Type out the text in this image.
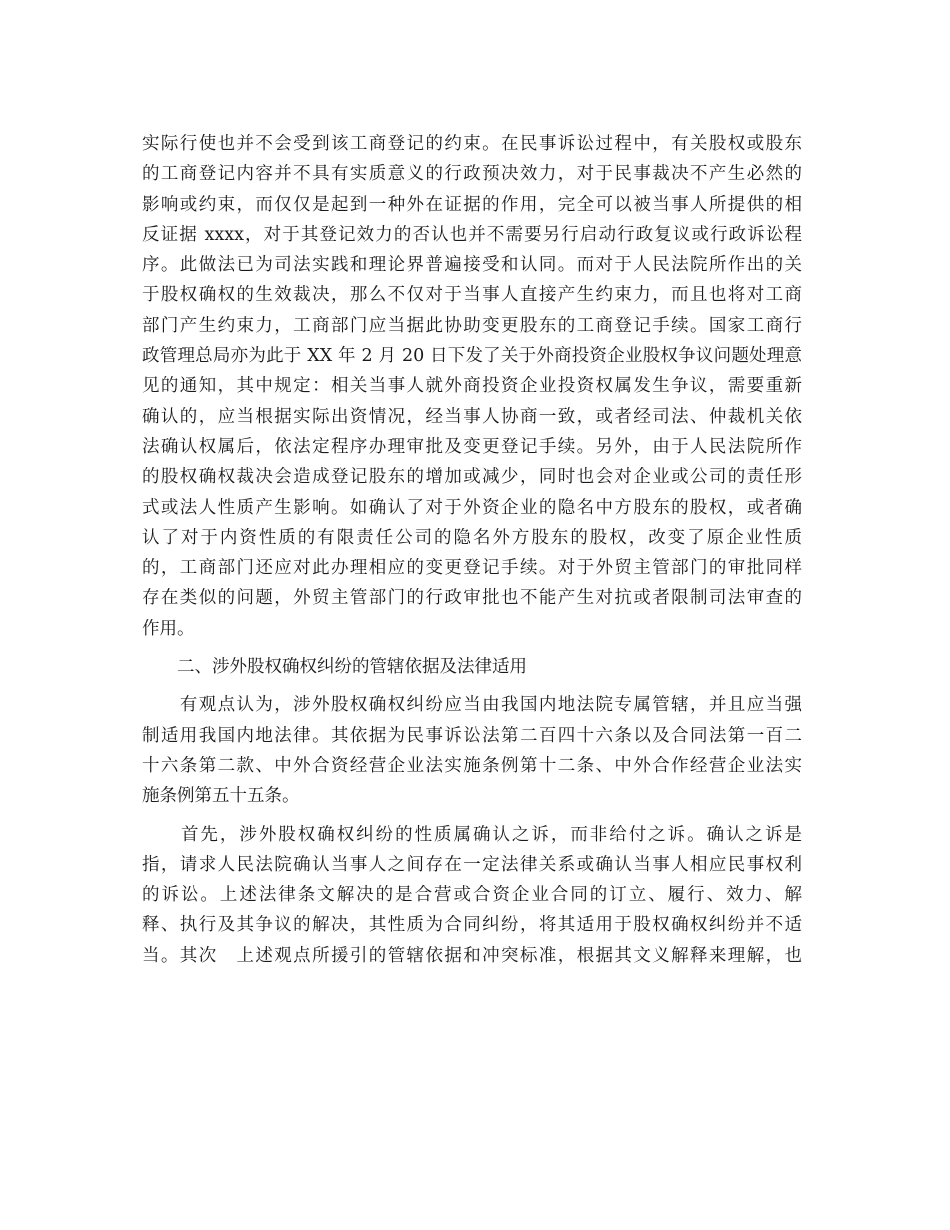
实际行使也并不会受到该工商登记的约束。在民事诉讼过程中，有关股权或股东
的工商登记内容并不具有实质意义的行政预决效力，对于民事裁决不产生必然的
影响或约束，而仅仅是起到一种外在证据的作用，完全可以被当事人所提供的相
反证据 xxxx，对于其登记效力的否认也并不需要另行启动行政复议或行政诉讼程
序。此做法已为司法实践和理论界普遍接受和认同。而对于人民法院所作出的关
于股权确权的生效裁决，那么不仅对于当事人直接产生约束力，而且也将对工商
部门产生约束力，工商部门应当据此协助变更股东的工商登记手续。国家工商行
政管理总局亦为此于 XX 年 2 月 20 日下发了关于外商投资企业股权争议问题处理意
见的通知，其中规定：相关当事人就外商投资企业投资权属发生争议，需要重新
确认的，应当根据实际出资情况，经当事人协商一致，或者经司法、仲裁机关依
法确认权属后，依法定程序办理审批及变更登记手续。另外，由于人民法院所作
的股权确权裁决会造成登记股东的增加或减少，同时也会对企业或公司的责任形
式或法人性质产生影响。如确认了对于外资企业的隐名中方股东的股权，或者确
认了对于内资性质的有限责任公司的隐名外方股东的股权，改变了原企业性质
的，工商部门还应对此办理相应的变更登记手续。对于外贸主管部门的审批同样
存在类似的问题，外贸主管部门的行政审批也不能产生对抗或者限制司法审查的
作用。
　　二、涉外股权确权纠纷的管辖依据及法律适用
　　有观点认为，涉外股权确权纠纷应当由我国内地法院专属管辖，并且应当强
制适用我国内地法律。其依据为民事诉讼法第二百四十六条以及合同法第一百二
十六条第二款、中外合资经营企业法实施条例第十二条、中外合作经营企业法实
施条例第五十五条。
　　首先，涉外股权确权纠纷的性质属确认之诉，而非给付之诉。确认之诉是
指，请求人民法院确认当事人之间存在一定法律关系或确认当事人相应民事权利
的诉讼。上述法律条文解决的是合营或合资企业合同的订立、履行、效力、解
释、执行及其争议的解决，其性质为合同纠纷，将其适用于股权确权纠纷并不适
当。其次　上述观点所援引的管辖依据和冲突标准，根据其文义解释来理解，也
